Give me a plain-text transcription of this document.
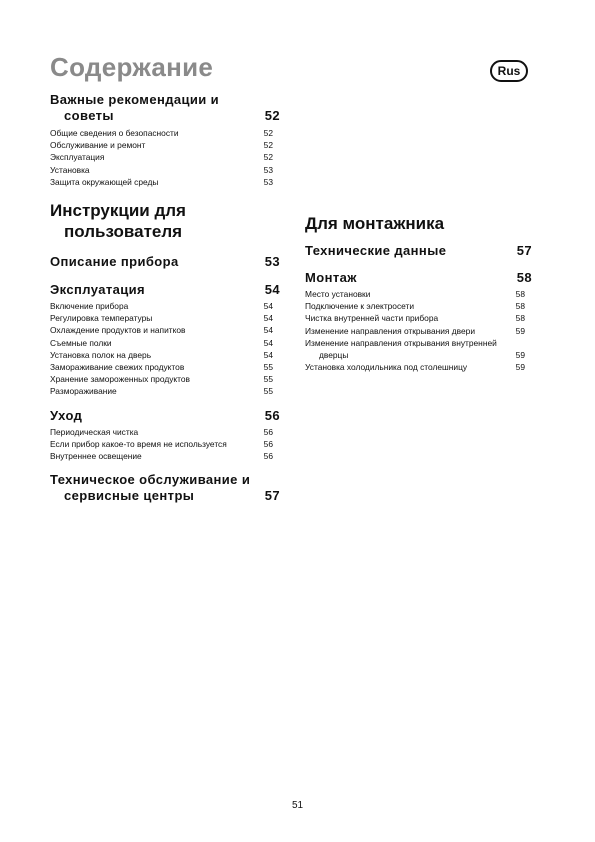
Содержание	Rus
Важные рекомендации и
советы	52
Общие сведения о безопасности	52
Обслуживание и ремонт	52
Эксплуатация	52
Установка	53
Защита окружающей среды	53
Инструкции для
пользователя
Описание прибора	53
Эксплуатация	54
Включение прибора	54
Регулировка температуры	54
Охлаждение продуктов и напитков	54
Съемные полки	54
Установка полок на дверь	54
Замораживание свежих продуктов	55
Хранение замороженных продуктов	55
Размораживание	55
Уход	56
Периодическая чистка	56
Если прибор какое-то время не используется	56
Внутреннее освещение	56
Техническое обслуживание и
сервисные центры	57
Для монтажника
Технические данные	57
Монтаж	58
Место установки	58
Подключение к электросети	58
Чистка внутренней части прибора	58
Изменение направления открывания двери	59
Изменение направления открывания внутренней
дверцы	59
Установка холодильника под столешницу	59
51
